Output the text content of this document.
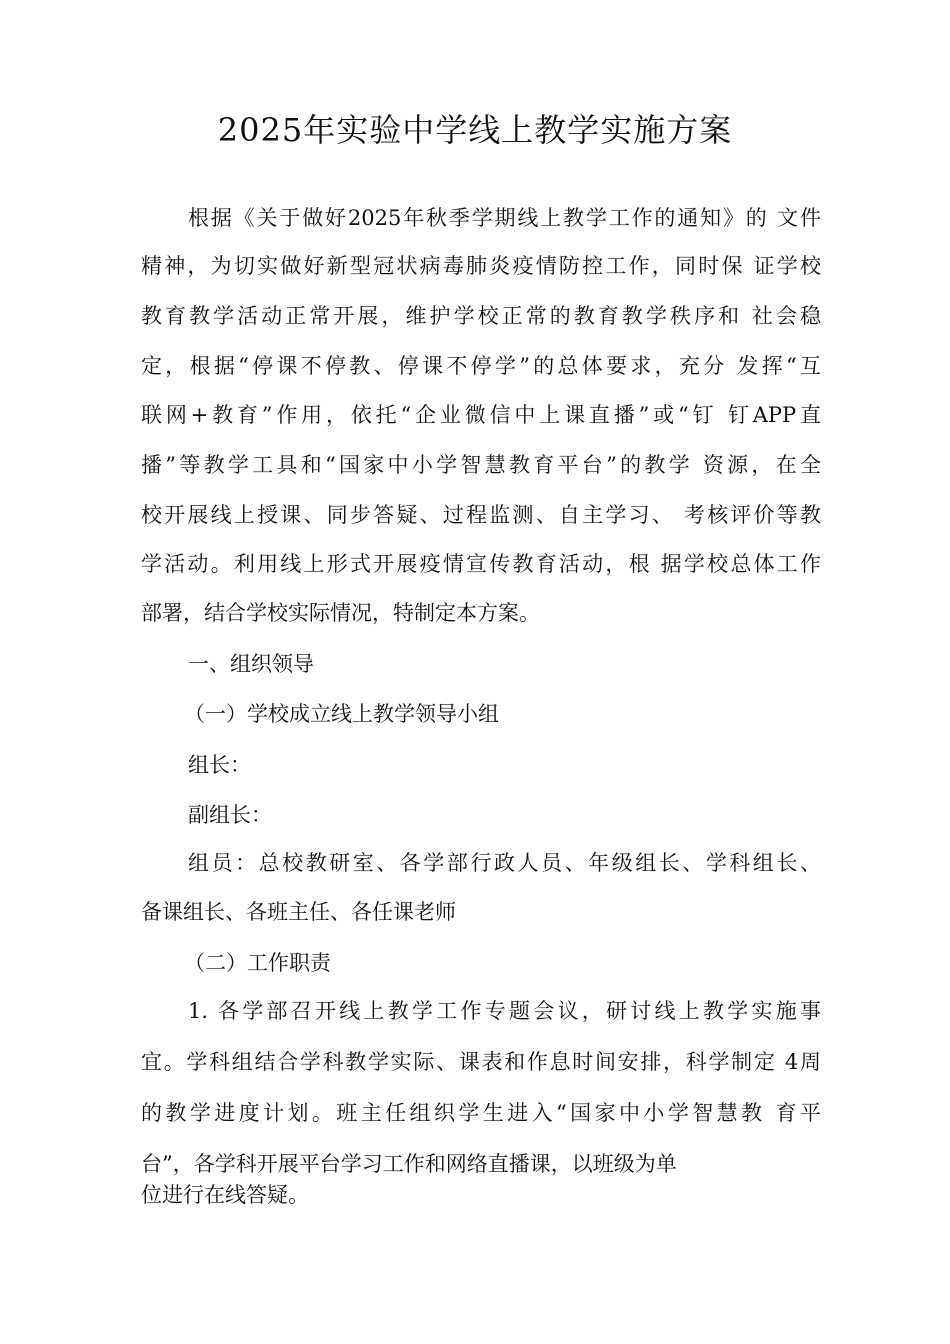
2025年实验中学线上教学实施方案
根据《关于做好2025年秋季学期线上教学工作的通知》的 文件
精神，为切实做好新型冠状病毒肺炎疫情防控工作，同时保 证学校
教育教学活动正常开展，维护学校正常的教育教学秩序和 社会稳
定，根据“停课不停教、停课不停学”的总体要求，充分 发挥“互
联网+教育”作用，依托“企业微信中上课直播”或“钉 钉APP直
播”等教学工具和“国家中小学智慧教育平台”的教学 资源，在全
校开展线上授课、同步答疑、过程监测、自主学习、 考核评价等教
学活动。利用线上形式开展疫情宣传教育活动，根 据学校总体工作
部署，结合学校实际情况，特制定本方案。
一、组织领导
（一）学校成立线上教学领导小组
组长：
副组长：
组员：总校教研室、各学部行政人员、年级组长、学科组长、
备课组长、各班主任、各任课老师
（二）工作职责
1. 各学部召开线上教学工作专题会议，研讨线上教学实施事
宜。学科组结合学科教学实际、课表和作息时间安排，科学制定 4周
的教学进度计划。班主任组织学生进入“国家中小学智慧教 育平
台”，各学科开展平台学习工作和网络直播课，以班级为单
位进行在线答疑。
